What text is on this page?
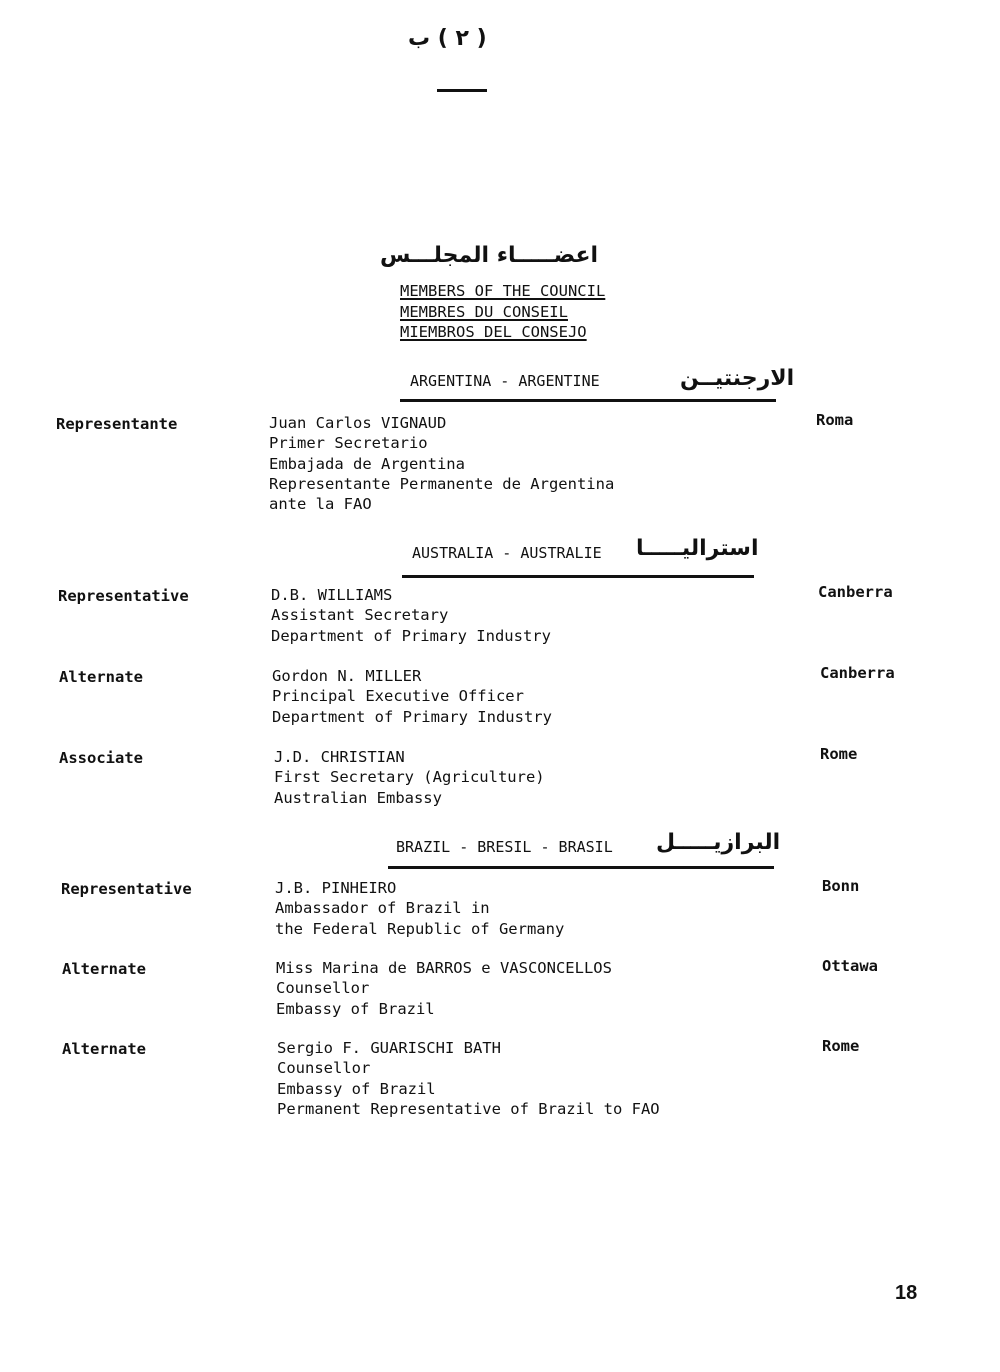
( ٢ ) ب
اعضـــــاء المجلـــس
MEMBERS OF THE COUNCIL
MEMBRES DU CONSEIL
MIEMBROS DEL CONSEJO
ARGENTINA - ARGENTINE	الارجنتيــن
Representante	Juan Carlos VIGNAUD
Primer Secretario
Embajada de Argentina
Representante Permanente de Argentina
ante la FAO
Roma
AUSTRALIA - AUSTRALIE استراليـــــا
Representative	D.B. WILLIAMS
Assistant Secretary
Department of Primary Industry
Canberra
Alternate	Gordon N. MILLER
Principal Executive Officer
Department of Primary Industry
Canberra
Associate	J.D. CHRISTIAN
First Secretary (Agriculture)
Australian Embassy
Rome
BRAZIL - BRESIL - BRASIL البرازيـــــل
Representative	J.B. PINHEIRO
Ambassador of Brazil in
the Federal Republic of Germany
Bonn
Alternate	Miss Marina de BARROS e VASCONCELLOS
Counsellor
Embassy of Brazil
Ottawa
Alternate	Sergio F. GUARISCHI BATH
Counsellor
Embassy of Brazil
Permanent Representative of Brazil to FAO
Rome
18
